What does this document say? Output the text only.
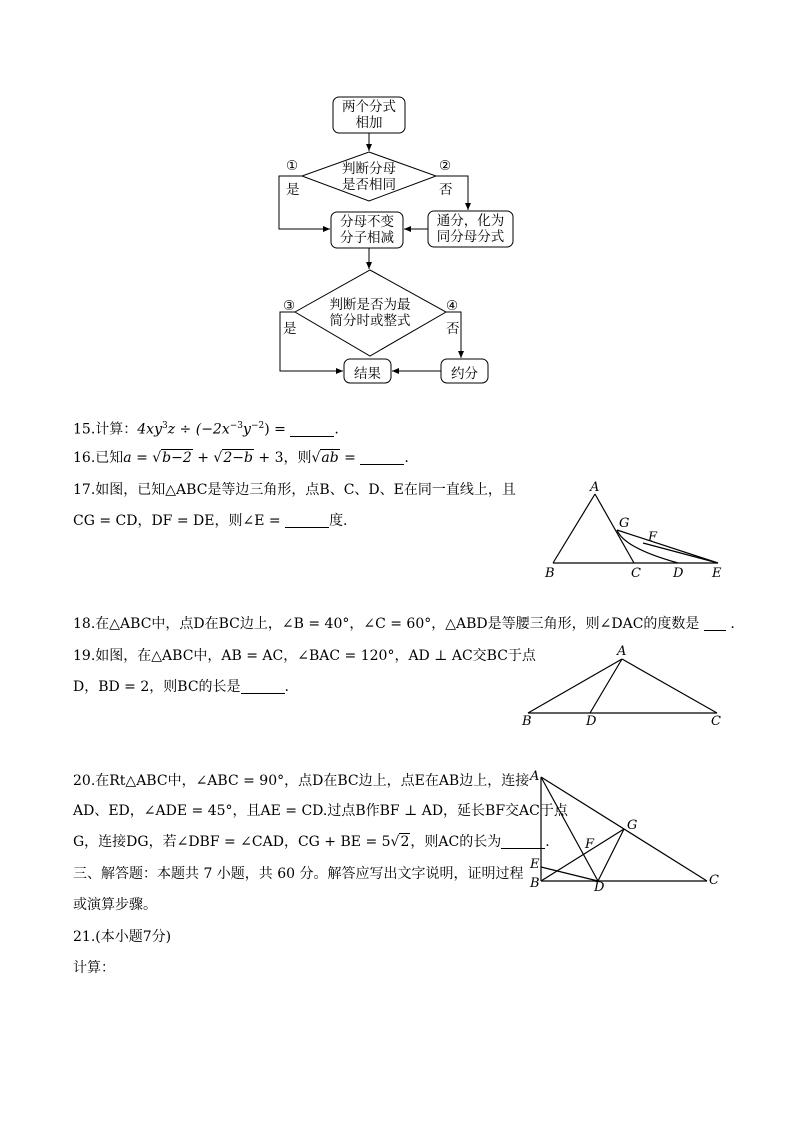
两个分式
相加
判断分母
是否相同
①
是
②
否
分母不变
分子相减
通分，化为
同分母分式
判断是否为最
简分时或整式
③
是
④
否
结果	约分
15.计算：$4xy^3z \div (-2x^{-3}y^{-2})$ =	.
16.已知a = √b−2 + √2−b + 3，则√ab =	.
17.如图，已知△ABC是等边三角形，点B、C、D、E在同一直线上，且
CG = CD，DF = DE，则∠E =	度.
A
B	C D E
F
G
18.在△ABC中，点D在BC边上，∠B = 40°，∠C = 60°，△ABD是等腰三角形，则∠DAC的度数是 .
19.如图，在△ABC中，AB = AC，∠BAC = 120°，AD ⊥ AC交BC于点
D，BD = 2，则BC的长是	.
A
B	D	C
20.在Rt△ABC中，∠ABC = 90°，点D在BC边上，点E在AB边上，连接
AD、ED，∠ADE = 45°，且AE = CD.过点B作BF ⊥ AD，延长BF交AC于点
G，连接DG，若∠DBF = ∠CAD，CG + BE = 5√2，则AC的长为	.
A
E
B	D
F
G
C
三、解答题：本题共 7 小题，共 60 分。解答应写出文字说明，证明过程
或演算步骤。
21.(本小题7分)
计算：
